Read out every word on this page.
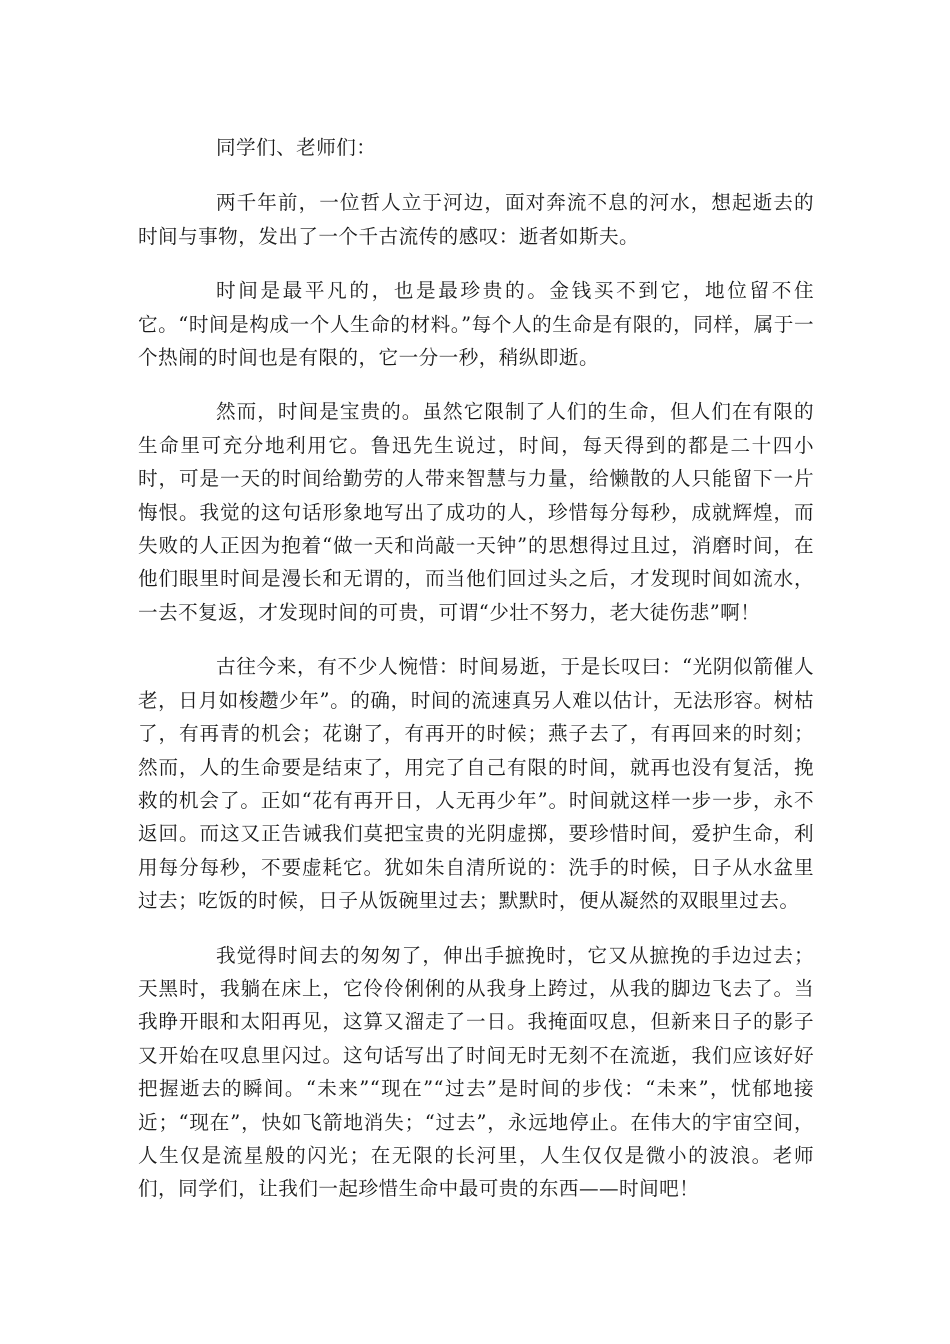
同学们、老师们：

两千年前，一位哲人立于河边，面对奔流不息的河水，想起逝去的时间与事物，发出了一个千古流传的感叹：逝者如斯夫。

时间是最平凡的，也是最珍贵的。金钱买不到它，地位留不住它。“时间是构成一个人生命的材料。”每个人的生命是有限的，同样，属于一个热闹的时间也是有限的，它一分一秒，稍纵即逝。

然而，时间是宝贵的。虽然它限制了人们的生命，但人们在有限的生命里可充分地利用它。鲁迅先生说过，时间，每天得到的都是二十四小时，可是一天的时间给勤劳的人带来智慧与力量，给懒散的人只能留下一片悔恨。我觉的这句话形象地写出了成功的人，珍惜每分每秒，成就辉煌，而失败的人正因为抱着“做一天和尚敲一天钟”的思想得过且过，消磨时间，在他们眼里时间是漫长和无谓的，而当他们回过头之后，才发现时间如流水，一去不复返，才发现时间的可贵，可谓“少壮不努力，老大徒伤悲”啊！

古往今来，有不少人惋惜：时间易逝，于是长叹曰：“光阴似箭催人老，日月如梭趱少年”。的确，时间的流速真另人难以估计，无法形容。树枯了，有再青的机会；花谢了，有再开的时候；燕子去了，有再回来的时刻；然而，人的生命要是结束了，用完了自己有限的时间，就再也没有复活，挽救的机会了。正如“花有再开日，人无再少年”。时间就这样一步一步，永不返回。而这又正告诫我们莫把宝贵的光阴虚掷，要珍惜时间，爱护生命，利用每分每秒，不要虚耗它。犹如朱自清所说的：洗手的时候，日子从水盆里过去；吃饭的时候，日子从饭碗里过去；默默时，便从凝然的双眼里过去。

我觉得时间去的匆匆了，伸出手摭挽时，它又从摭挽的手边过去；天黑时，我躺在床上，它伶伶俐俐的从我身上跨过，从我的脚边飞去了。当我睁开眼和太阳再见，这算又溜走了一日。我掩面叹息，但新来日子的影子又开始在叹息里闪过。这句话写出了时间无时无刻不在流逝，我们应该好好把握逝去的瞬间。“未来”“现在”“过去”是时间的步伐：“未来”，忧郁地接近；“现在”，快如飞箭地消失；“过去”，永远地停止。在伟大的宇宙空间，人生仅是流星般的闪光；在无限的长河里，人生仅仅是微小的波浪。老师们，同学们，让我们一起珍惜生命中最可贵的东西——时间吧！
